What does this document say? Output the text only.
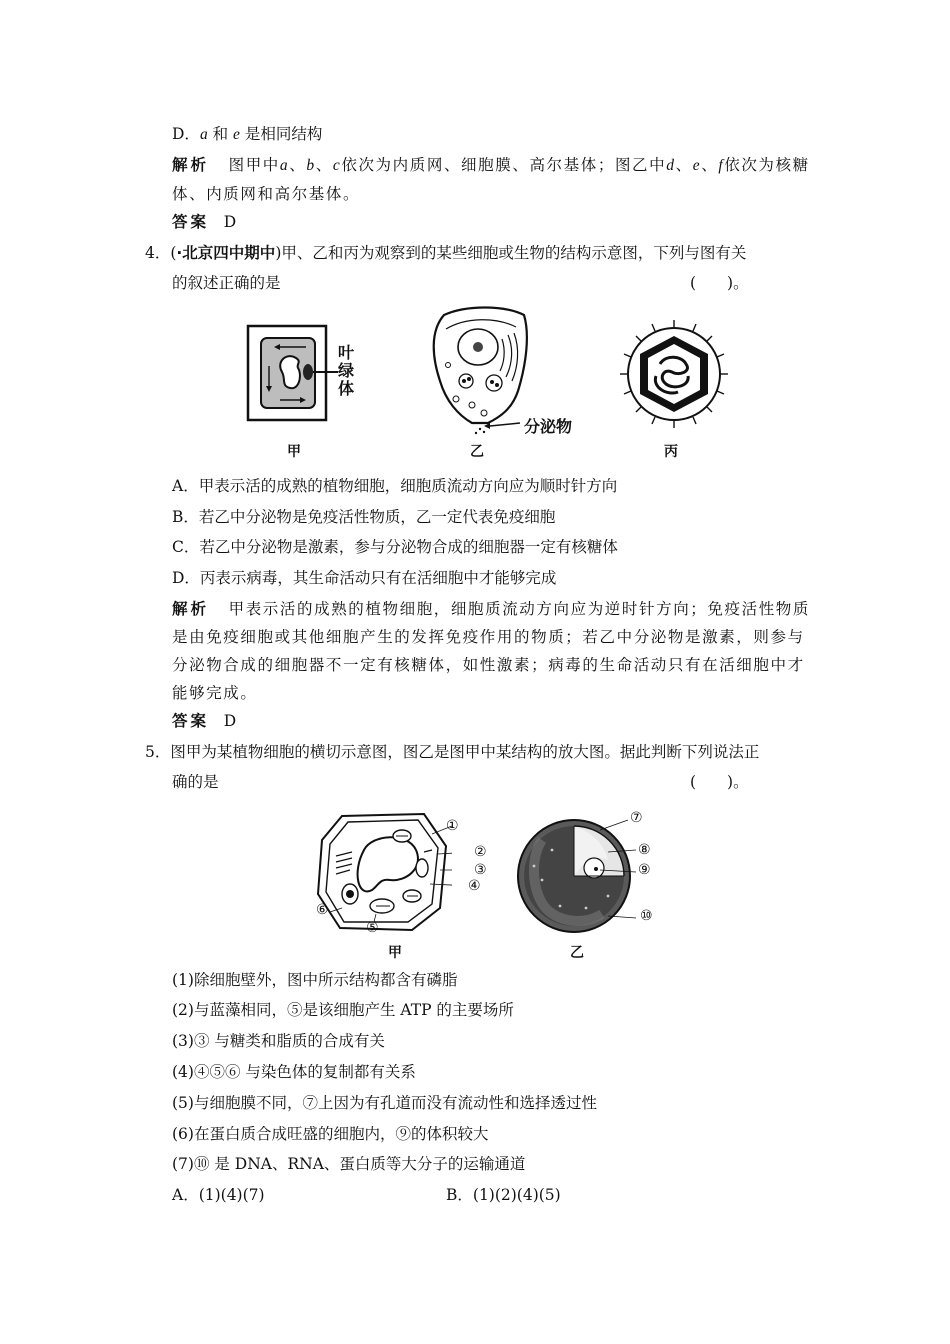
D．a 和 e 是相同结构
解析 图甲中a、b、c依次为内质网、细胞膜、高尔基体；图乙中d、e、f依次为核糖
体、内质网和高尔基体。
答案 D
4．(·北京四中期中)甲、乙和丙为观察到的某些细胞或生物的结构示意图，下列与图有关
的叙述正确的是	(　　)。
叶绿体
甲
分泌物
乙	丙
A．甲表示活的成熟的植物细胞，细胞质流动方向应为顺时针方向
B．若乙中分泌物是免疫活性物质，乙一定代表免疫细胞
C．若乙中分泌物是激素，参与分泌物合成的细胞器一定有核糖体
D．丙表示病毒，其生命活动只有在活细胞中才能够完成
解析 甲表示活的成熟的植物细胞，细胞质流动方向应为逆时针方向；免疫活性物质
是由免疫细胞或其他细胞产生的发挥免疫作用的物质；若乙中分泌物是激素，则参与
分泌物合成的细胞器不一定有核糖体，如性激素；病毒的生命活动只有在活细胞中才
能够完成。
答案 D
5．图甲为某植物细胞的横切示意图，图乙是图甲中某结构的放大图。据此判断下列说法正
确的是	(　　)。
①
②
③
④
⑥
⑤
甲
⑦
⑧
⑨
⑩
乙
(1)除细胞壁外，图中所示结构都含有磷脂
(2)与蓝藻相同，⑤是该细胞产生 ATP 的主要场所
(3)③ 与糖类和脂质的合成有关
(4)④⑤⑥ 与染色体的复制都有关系
(5)与细胞膜不同，⑦上因为有孔道而没有流动性和选择透过性
(6)在蛋白质合成旺盛的细胞内，⑨的体积较大
(7)⑩ 是 DNA、RNA、蛋白质等大分子的运输通道
A．(1)(4)(7)	B．(1)(2)(4)(5)
